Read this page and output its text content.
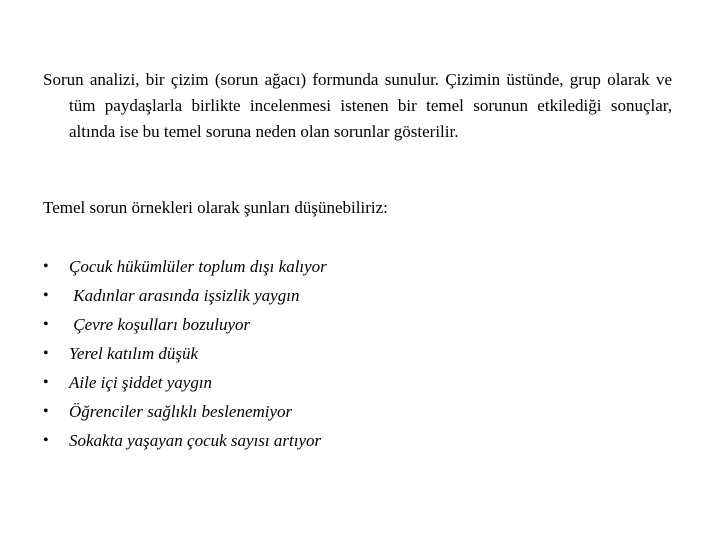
Sorun analizi, bir çizim (sorun ağacı) formunda sunulur. Çizimin üstünde, grup olarak ve tüm paydaşlarla birlikte incelenmesi istenen bir temel sorunun etkilediği sonuçlar, altında ise bu temel soruna neden olan sorunlar gösterilir.

Temel sorun örnekleri olarak şunları düşünebiliriz:

• Çocuk hükümlüler toplum dışı kalıyor
• Kadınlar arasında işsizlik yaygın
• Çevre koşulları bozuluyor
• Yerel katılım düşük
• Aile içi şiddet yaygın
• Öğrenciler sağlıklı beslenemiyor
• Sokakta yaşayan çocuk sayısı artıyor
